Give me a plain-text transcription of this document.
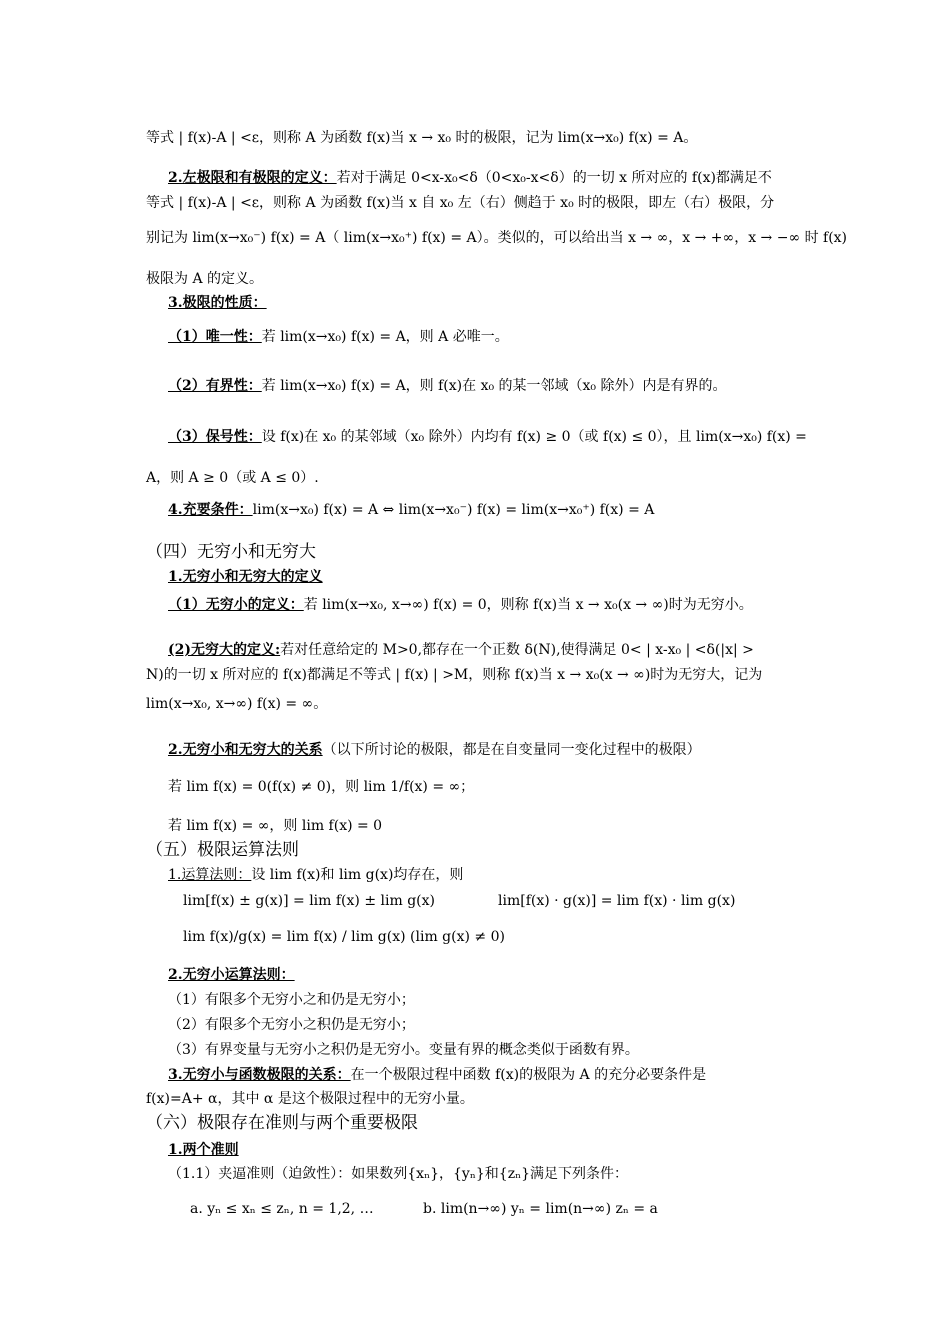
等式 | f(x)-A | <ε，则称 A 为函数 f(x)当 x → x₀ 时的极限，记为 lim(x→x₀) f(x) = A。
2.左极限和有极限的定义：若对于满足 0<x-x₀<δ（0<x₀-x<δ）的一切 x 所对应的 f(x)都满足不
等式 | f(x)-A | <ε，则称 A 为函数 f(x)当 x 自 x₀ 左（右）侧趋于 x₀ 时的极限，即左（右）极限，分
别记为 lim(x→x₀⁻) f(x) = A（ lim(x→x₀⁺) f(x) = A）。类似的，可以给出当 x → ∞，x → +∞，x → −∞ 时 f(x)
极限为 A 的定义。
3.极限的性质：
（1）唯一性：若 lim(x→x₀) f(x) = A，则 A 必唯一。
（2）有界性：若 lim(x→x₀) f(x) = A，则 f(x)在 x₀ 的某一邻域（x₀ 除外）内是有界的。
（3）保号性：设 f(x)在 x₀ 的某邻域（x₀ 除外）内均有 f(x) ≥ 0（或 f(x) ≤ 0），且 lim(x→x₀) f(x) =
A，则 A ≥ 0（或 A ≤ 0）.
4.充要条件：lim(x→x₀) f(x) = A ⇔ lim(x→x₀⁻) f(x) = lim(x→x₀⁺) f(x) = A
（四）无穷小和无穷大
1.无穷小和无穷大的定义
（1）无穷小的定义：若 lim(x→x₀, x→∞) f(x) = 0，则称 f(x)当 x → x₀(x → ∞)时为无穷小。
(2)无穷大的定义:若对任意给定的 M>0,都存在一个正数 δ(N),使得满足 0< | x-x₀ | <δ(|x| >
N)的一切 x 所对应的 f(x)都满足不等式 | f(x) | >M，则称 f(x)当 x → x₀(x → ∞)时为无穷大，记为
lim(x→x₀, x→∞) f(x) = ∞。
2.无穷小和无穷大的关系（以下所讨论的极限，都是在自变量同一变化过程中的极限）
若 lim f(x) = 0(f(x) ≠ 0)，则 lim 1/f(x) = ∞；
若 lim f(x) = ∞，则 lim f(x) = 0
（五）极限运算法则
1.运算法则：设 lim f(x)和 lim g(x)均存在，则
lim[f(x) ± g(x)] = lim f(x) ± lim g(x)	lim[f(x) · g(x)] = lim f(x) · lim g(x)
lim f(x)/g(x) = lim f(x) / lim g(x) (lim g(x) ≠ 0)
2.无穷小运算法则：
（1）有限多个无穷小之和仍是无穷小；
（2）有限多个无穷小之积仍是无穷小；
（3）有界变量与无穷小之积仍是无穷小。变量有界的概念类似于函数有界。
3.无穷小与函数极限的关系：在一个极限过程中函数 f(x)的极限为 A 的充分必要条件是
f(x)=A+ α，其中 α 是这个极限过程中的无穷小量。
（六）极限存在准则与两个重要极限
1.两个准则
（1.1）夹逼准则（迫敛性）：如果数列{xₙ}，{yₙ}和{zₙ}满足下列条件：
a. yₙ ≤ xₙ ≤ zₙ, n = 1,2, …	b. lim(n→∞) yₙ = lim(n→∞) zₙ = a
